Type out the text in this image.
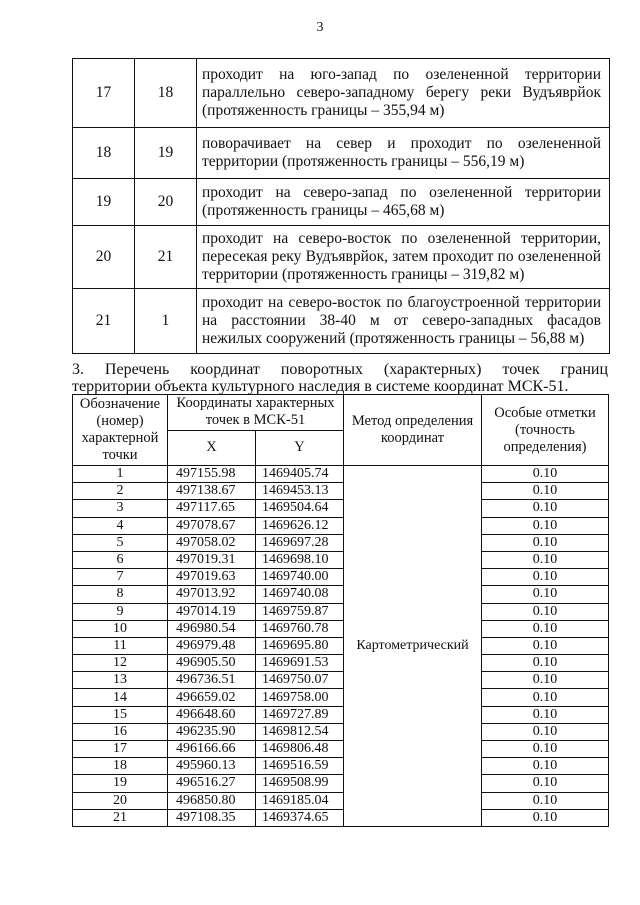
3
17	18	проходит на юго-запад по озелененной территории параллельно северо-западному берегу реки Вудъяврйок (протяженность границы – 355,94 м)
18	19	поворачивает на север и проходит по озелененной территории (протяженность границы – 556,19 м)
19	20	проходит на северо-запад по озелененной территории (протяженность границы – 465,68 м)
20	21	проходит на северо-восток по озелененной территории, пересекая реку Вудъяврйок, затем проходит по озелененной территории (протяженность границы – 319,82 м)
21	1	проходит на северо-восток по благоустроенной территории на расстоянии 38-40 м от северо-западных фасадов нежилых сооружений (протяженность границы – 56,88 м)
3. Перечень координат поворотных (характерных) точек границ
территории объекта культурного наследия в системе координат МСК-51.
Обозначение (номер) характерной точки	Координаты характерных точек в МСК-51		Метод определения координат	Особые отметки (точность определения)
	X	Y		
1	497155.98	1469405.74	Картометрический	0.10
2	497138.67	1469453.13		0.10
3	497117.65	1469504.64		0.10
4	497078.67	1469626.12		0.10
5	497058.02	1469697.28		0.10
6	497019.31	1469698.10		0.10
7	497019.63	1469740.00		0.10
8	497013.92	1469740.08		0.10
9	497014.19	1469759.87		0.10
10	496980.54	1469760.78		0.10
11	496979.48	1469695.80		0.10
12	496905.50	1469691.53		0.10
13	496736.51	1469750.07		0.10
14	496659.02	1469758.00		0.10
15	496648.60	1469727.89		0.10
16	496235.90	1469812.54		0.10
17	496166.66	1469806.48		0.10
18	495960.13	1469516.59		0.10
19	496516.27	1469508.99		0.10
20	496850.80	1469185.04		0.10
21	497108.35	1469374.65		0.10
